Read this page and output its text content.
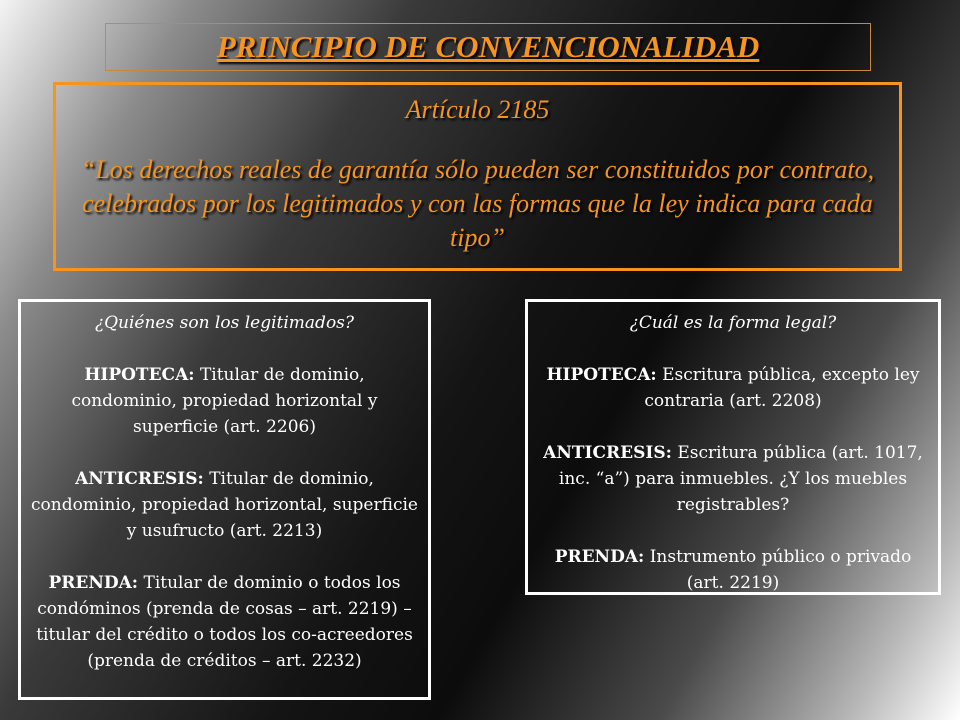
PRINCIPIO DE CONVENCIONALIDAD
Artículo 2185
“Los derechos reales de garantía sólo pueden ser constituidos por contrato, celebrados por los legitimados y con las formas que la ley indica para cada tipo”
¿Quiénes son los legitimados?
HIPOTECA: Titular de dominio, condominio, propiedad horizontal y superficie (art. 2206)
ANTICRESIS: Titular de dominio, condominio, propiedad horizontal, superficie y usufructo (art. 2213)
PRENDA: Titular de dominio o todos los condóminos (prenda de cosas – art. 2219) – titular del crédito o todos los co-acreedores (prenda de créditos – art. 2232)
¿Cuál es la forma legal?
HIPOTECA: Escritura pública, excepto ley contraria (art. 2208)
ANTICRESIS: Escritura pública (art. 1017, inc. “a”) para inmuebles. ¿Y los muebles registrables?
PRENDA: Instrumento público o privado (art. 2219)
